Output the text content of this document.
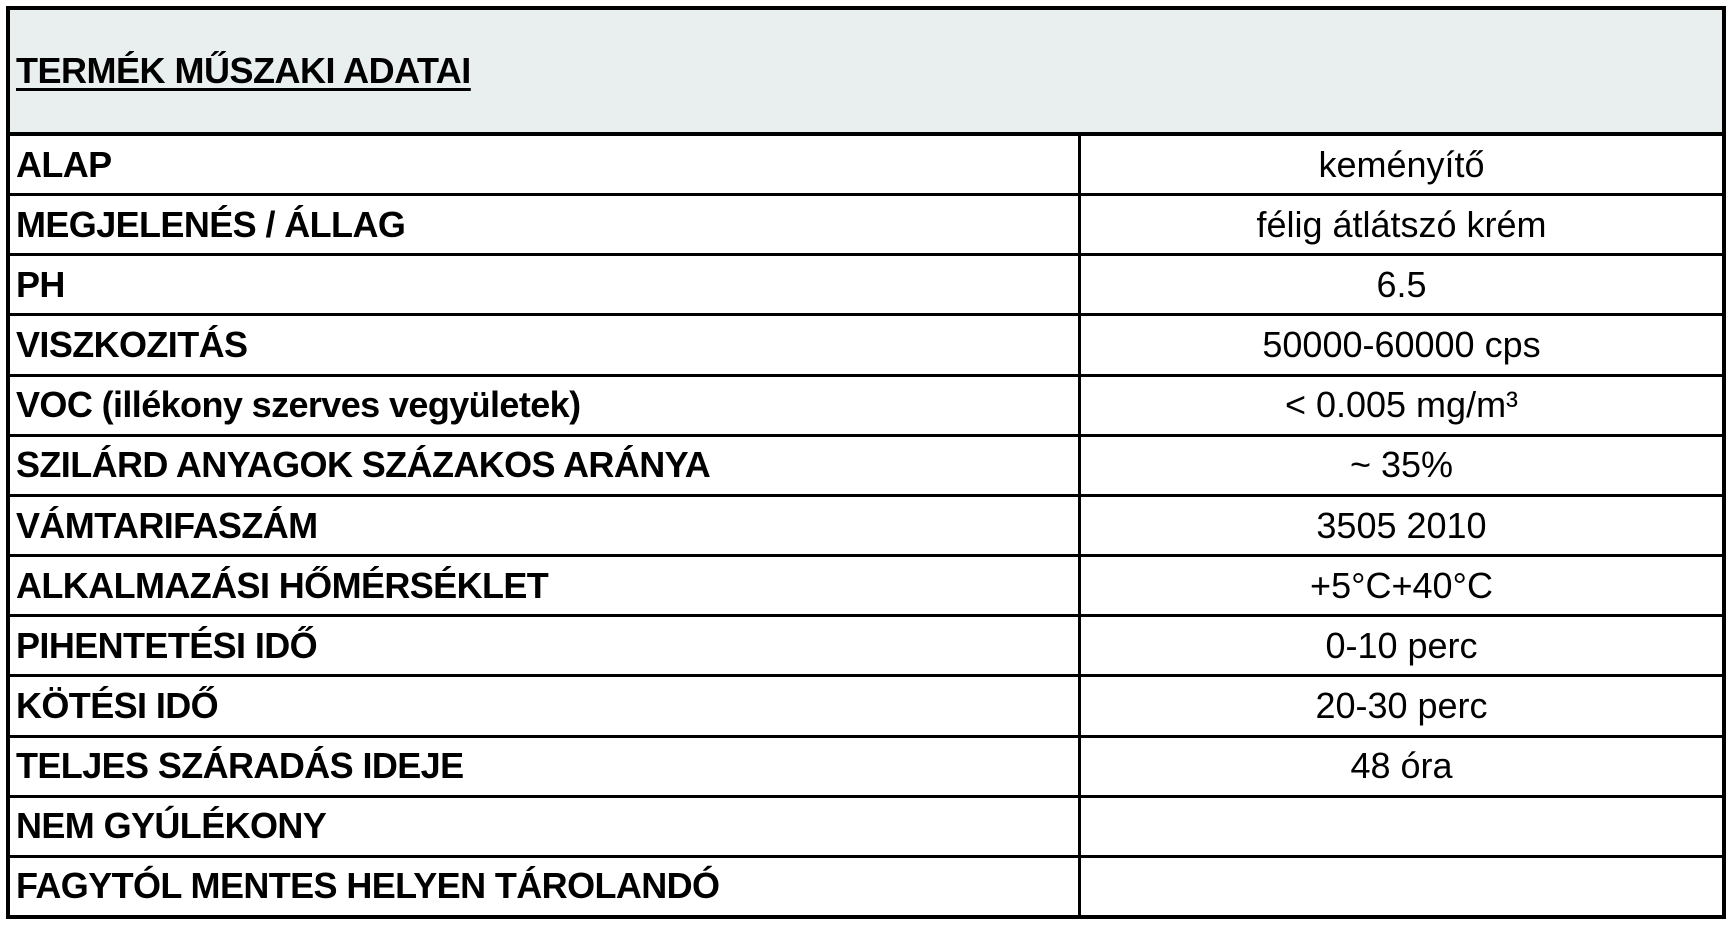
TERMÉK MŰSZAKI ADATAI
ALAP	keményítő
MEGJELENÉS / ÁLLAG	félig átlátszó krém
PH	6.5
VISZKOZITÁS	50000-60000 cps
VOC (illékony szerves vegyületek)	< 0.005 mg/m³
SZILÁRD ANYAGOK SZÁZAKOS ARÁNYA	~ 35%
VÁMTARIFASZÁM	3505 2010
ALKALMAZÁSI HŐMÉRSÉKLET	+5°C+40°C
PIHENTETÉSI IDŐ	0-10 perc
KÖTÉSI IDŐ	20-30 perc
TELJES SZÁRADÁS IDEJE	48 óra
NEM GYÚLÉKONY
FAGYTÓL MENTES HELYEN TÁROLANDÓ
